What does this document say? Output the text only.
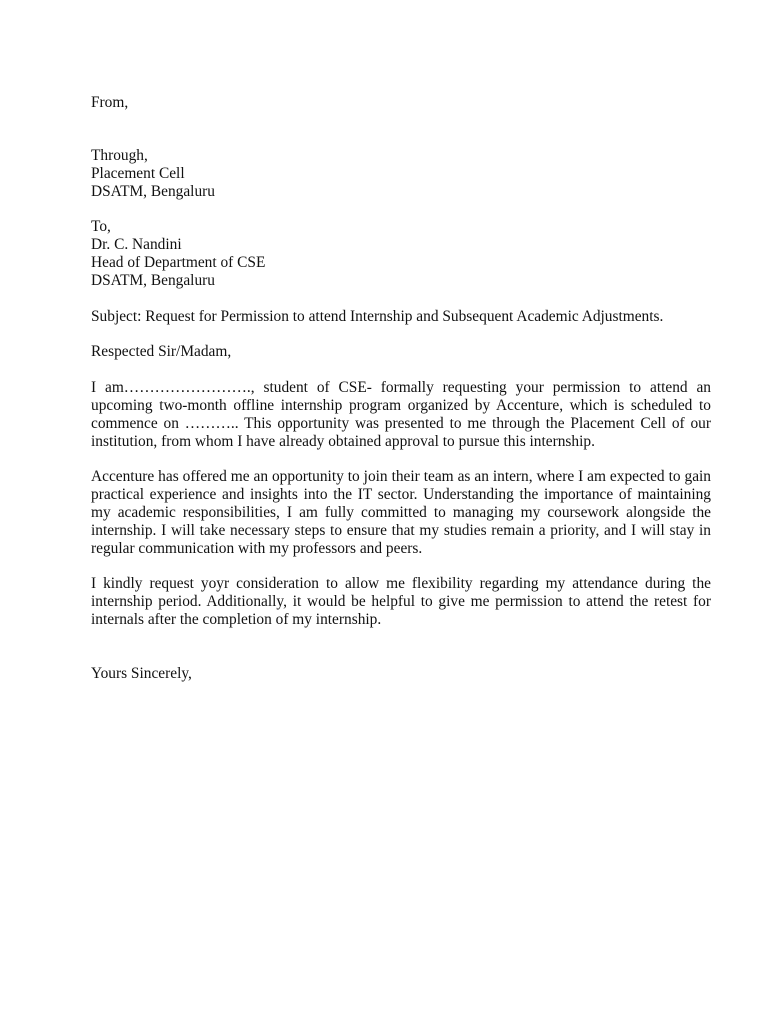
From,
Through,
Placement Cell
DSATM, Bengaluru
To,
Dr. C. Nandini
Head of Department of CSE
DSATM, Bengaluru
Subject: Request for Permission to attend Internship and Subsequent Academic Adjustments.
Respected Sir/Madam,
I am……………………., student of CSE- formally requesting your permission to attend an upcoming two-month offline internship program organized by Accenture, which is scheduled to commence on ……….. This opportunity was presented to me through the Placement Cell of our institution, from whom I have already obtained approval to pursue this internship.
Accenture has offered me an opportunity to join their team as an intern, where I am expected to gain practical experience and insights into the IT sector. Understanding the importance of maintaining my academic responsibilities, I am fully committed to managing my coursework alongside the internship. I will take necessary steps to ensure that my studies remain a priority, and I will stay in regular communication with my professors and peers.
I kindly request yoyr consideration to allow me flexibility regarding my attendance during the internship period. Additionally, it would be helpful to give me permission to attend the retest for internals after the completion of my internship.
Yours Sincerely,
